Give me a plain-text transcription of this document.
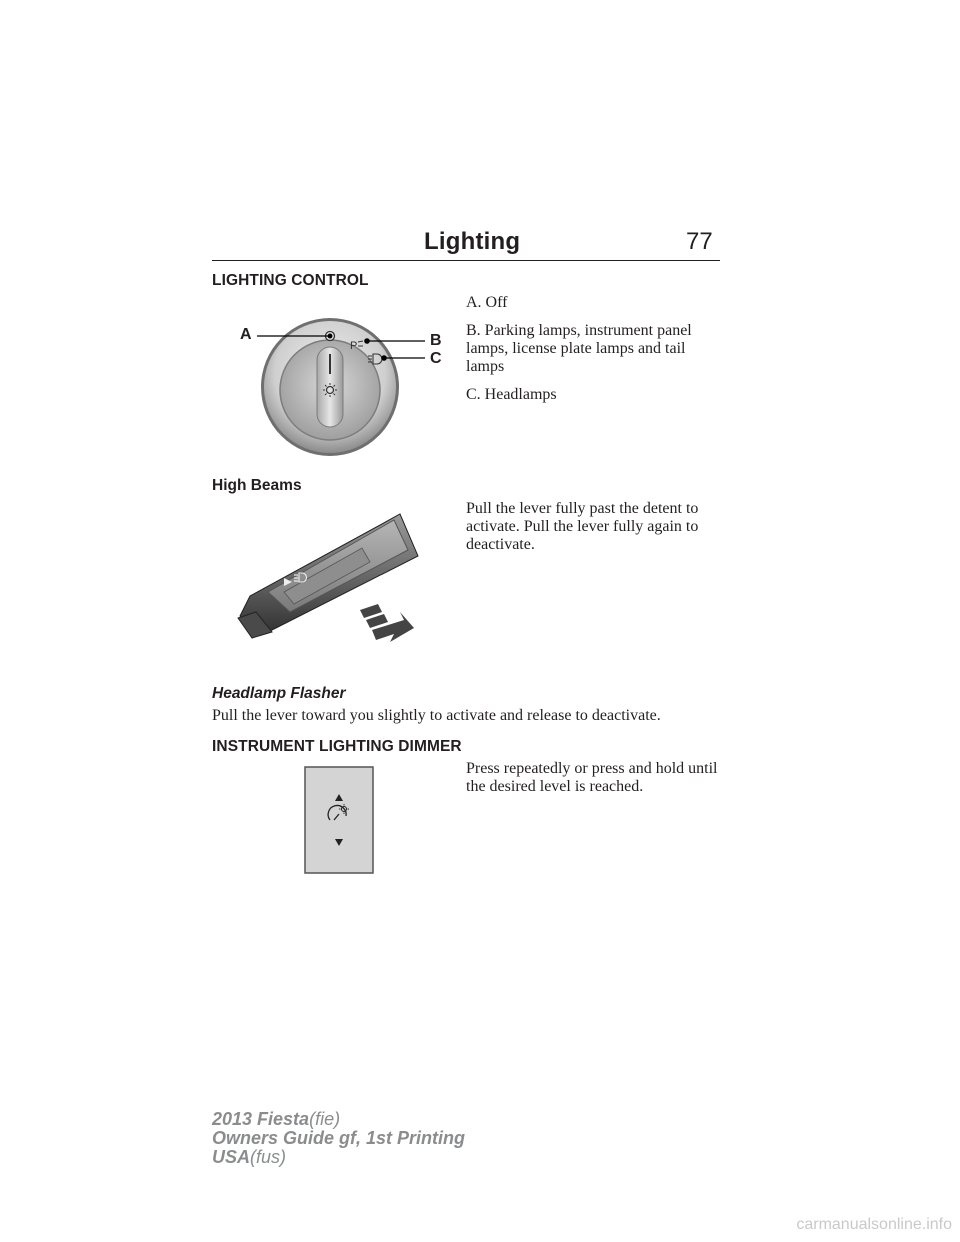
Lighting	77
LIGHTING CONTROL
P
A	B
C
A. Off
B. Parking lamps, instrument panel lamps, license plate lamps and tail lamps
C. Headlamps
High Beams
Pull the lever fully past the detent to activate. Pull the lever fully again to deactivate.
Headlamp Flasher
Pull the lever toward you slightly to activate and release to deactivate.
INSTRUMENT LIGHTING DIMMER
Press repeatedly or press and hold until the desired level is reached.
2013 Fiesta(fie)
Owners Guide gf, 1st Printing
USA(fus)
carmanualsonline.info
